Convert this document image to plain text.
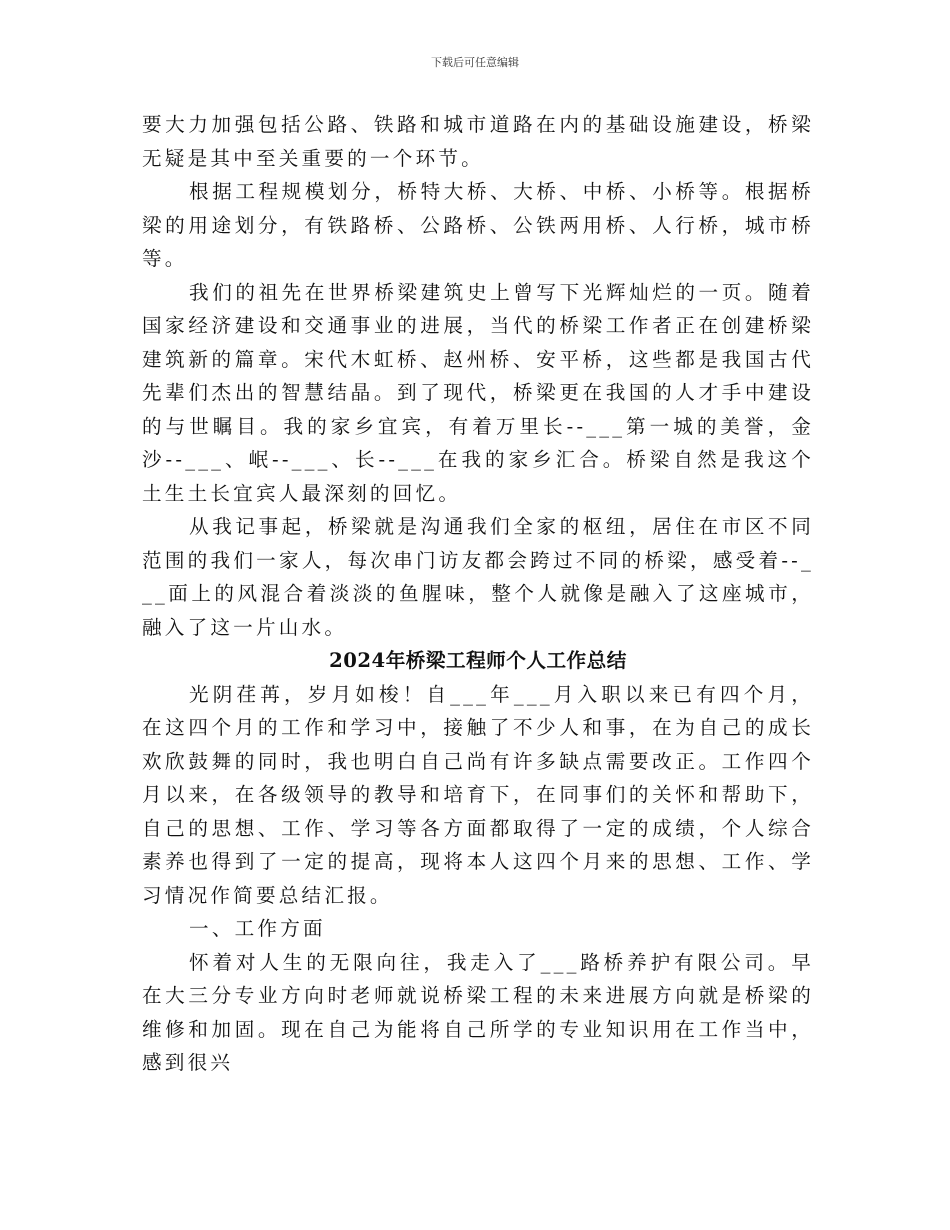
下载后可任意编辑

要大力加强包括公路、铁路和城市道路在内的基础设施建设，桥梁无疑是其中至关重要的一个环节。

根据工程规模划分，桥特大桥、大桥、中桥、小桥等。根据桥梁的用途划分，有铁路桥、公路桥、公铁两用桥、人行桥，城市桥等。

我们的祖先在世界桥梁建筑史上曾写下光辉灿烂的一页。随着国家经济建设和交通事业的进展，当代的桥梁工作者正在创建桥梁建筑新的篇章。宋代木虹桥、赵州桥、安平桥，这些都是我国古代先辈们杰出的智慧结晶。到了现代，桥梁更在我国的人才手中建设的与世瞩目。我的家乡宜宾，有着万里长--___第一城的美誉，金沙--___、岷--___、长--___在我的家乡汇合。桥梁自然是我这个土生土长宜宾人最深刻的回忆。

从我记事起，桥梁就是沟通我们全家的枢纽，居住在市区不同范围的我们一家人，每次串门访友都会跨过不同的桥梁，感受着--___面上的风混合着淡淡的鱼腥味，整个人就像是融入了这座城市，融入了这一片山水。

2024年桥梁工程师个人工作总结

光阴荏苒，岁月如梭！自___年___月入职以来已有四个月，在这四个月的工作和学习中，接触了不少人和事，在为自己的成长欢欣鼓舞的同时，我也明白自己尚有许多缺点需要改正。工作四个月以来，在各级领导的教导和培育下，在同事们的关怀和帮助下，自己的思想、工作、学习等各方面都取得了一定的成绩，个人综合素养也得到了一定的提高，现将本人这四个月来的思想、工作、学习情况作简要总结汇报。

一、工作方面

怀着对人生的无限向往，我走入了___路桥养护有限公司。早在大三分专业方向时老师就说桥梁工程的未来进展方向就是桥梁的维修和加固。现在自己为能将自己所学的专业知识用在工作当中，感到很兴
